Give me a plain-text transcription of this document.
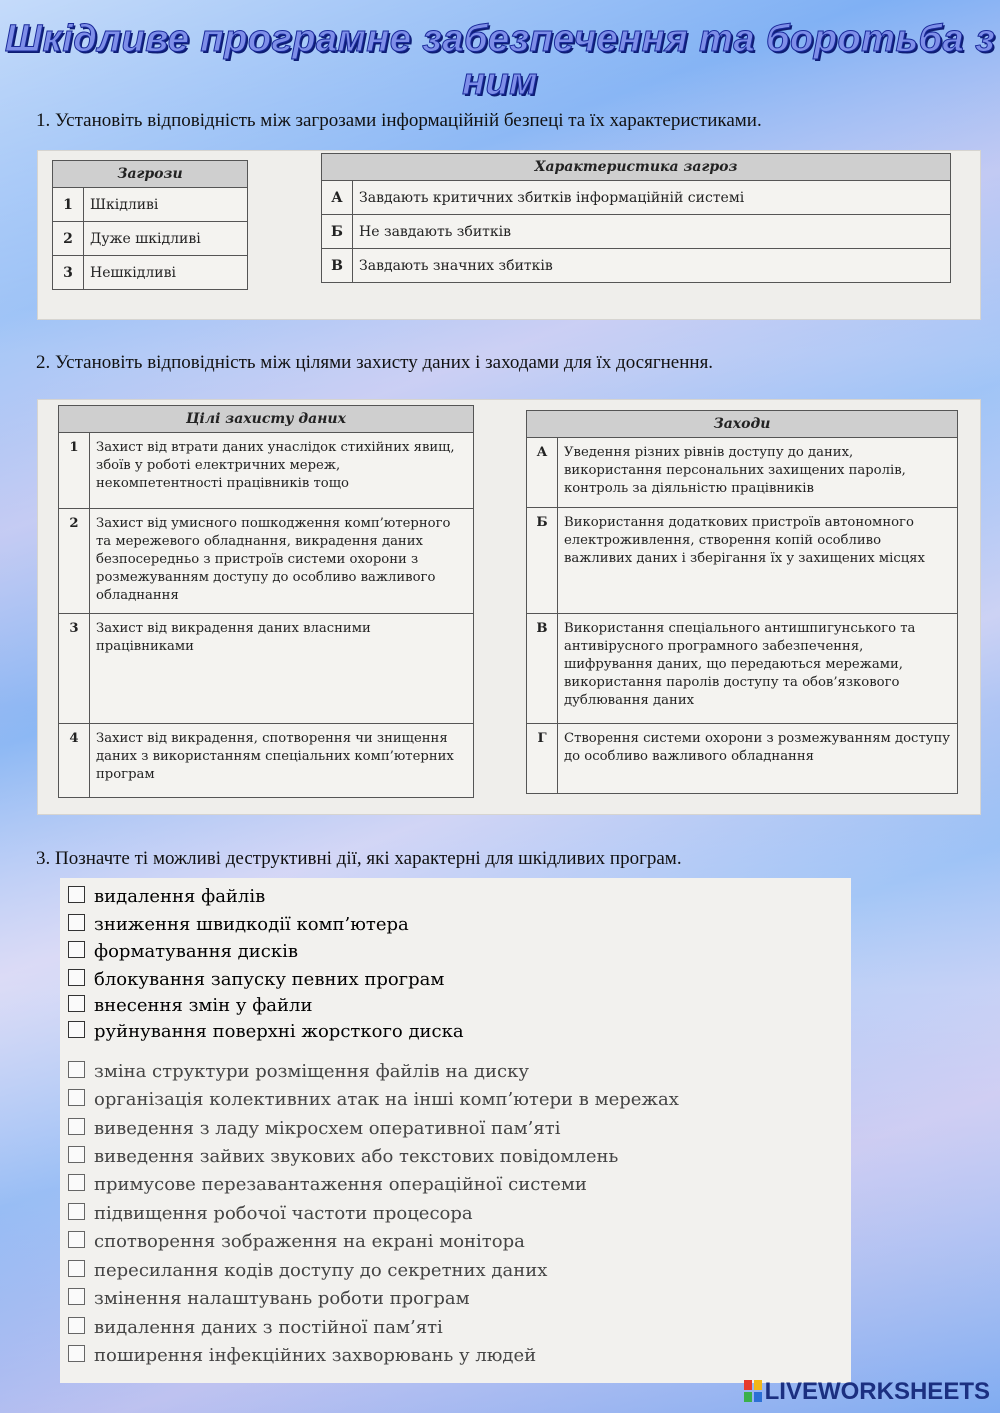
Шкідливе програмне забезпечення та боротьба з ним
1. Установіть відповідність між загрозами інформаційній безпеці та їх характеристиками.
Загрози	
1	Шкідливі
2	Дуже шкідливі
3	Нешкідливі
Характеристика загроз	
А	Завдають критичних збитків інформаційній системі
Б	Не завдають збитків
В	Завдають значних збитків
2. Установіть відповідність між цілями захисту даних і заходами для їх досягнення.
Цілі захисту даних	
1	Захист від втрати даних унаслідок стихійних явищ, збоїв у роботі електричних мереж, некомпетентності працівників тощо
2	Захист від умисного пошкодження комп’ютерного та мережевого обладнання, викрадення даних безпосередньо з пристроїв системи охорони з розмежуванням доступу до особливо важливого обладнання
3	Захист від викрадення даних власними працівниками
4	Захист від викрадення, спотворення чи знищення даних з використанням спеціальних комп’ютерних програм
Заходи	
А	Уведення різних рівнів доступу до даних, використання персональних захищених паролів, контроль за діяльністю працівників
Б	Використання додаткових пристроїв автономного електроживлення, створення копій особливо важливих даних і зберігання їх у захищених місцях
В	Використання спеціального антишпигунського та антивірусного програмного забезпечення, шифрування даних, що передаються мережами, використання паролів доступу та обов’язкового дублювання даних
Г	Створення системи охорони з розмежуванням доступу до особливо важливого обладнання
3. Позначте ті можливі деструктивні дії, які характерні для шкідливих програм.
видалення файлів
зниження швидкодії комп’ютера
форматування дисків
блокування запуску певних програм
внесення змін у файли
руйнування поверхні жорсткого диска
зміна структури розміщення файлів на диску
організація колективних атак на інші комп’ютери в мережах
виведення з ладу мікросхем оперативної пам’яті
виведення зайвих звукових або текстових повідомлень
примусове перезавантаження операційної системи
підвищення робочої частоти процесора
спотворення зображення на екрані монітора
пересилання кодів доступу до секретних даних
змінення налаштувань роботи програм
видалення даних з постійної пам’яті
поширення інфекційних захворювань у людей
LIVEWORKSHEETS
